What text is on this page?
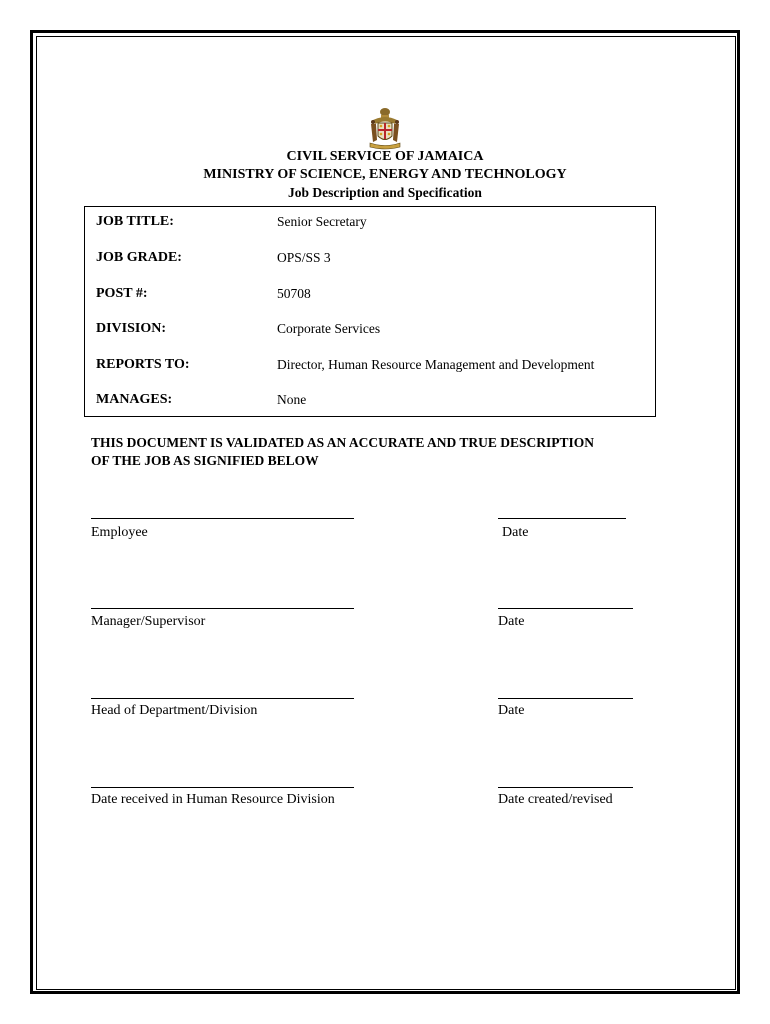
CIVIL SERVICE OF JAMAICA
MINISTRY OF SCIENCE, ENERGY AND TECHNOLOGY
Job Description and Specification
JOB TITLE:	Senior Secretary
JOB GRADE:	OPS/SS 3
POST #:	50708
DIVISION:	Corporate Services
REPORTS TO:	Director, Human Resource Management and Development
MANAGES:	None
THIS DOCUMENT IS VALIDATED AS AN ACCURATE AND TRUE DESCRIPTION
OF THE JOB AS SIGNIFIED BELOW
Employee	Date
Manager/Supervisor	Date
Head of Department/Division	Date
Date received in Human Resource Division	Date created/revised
